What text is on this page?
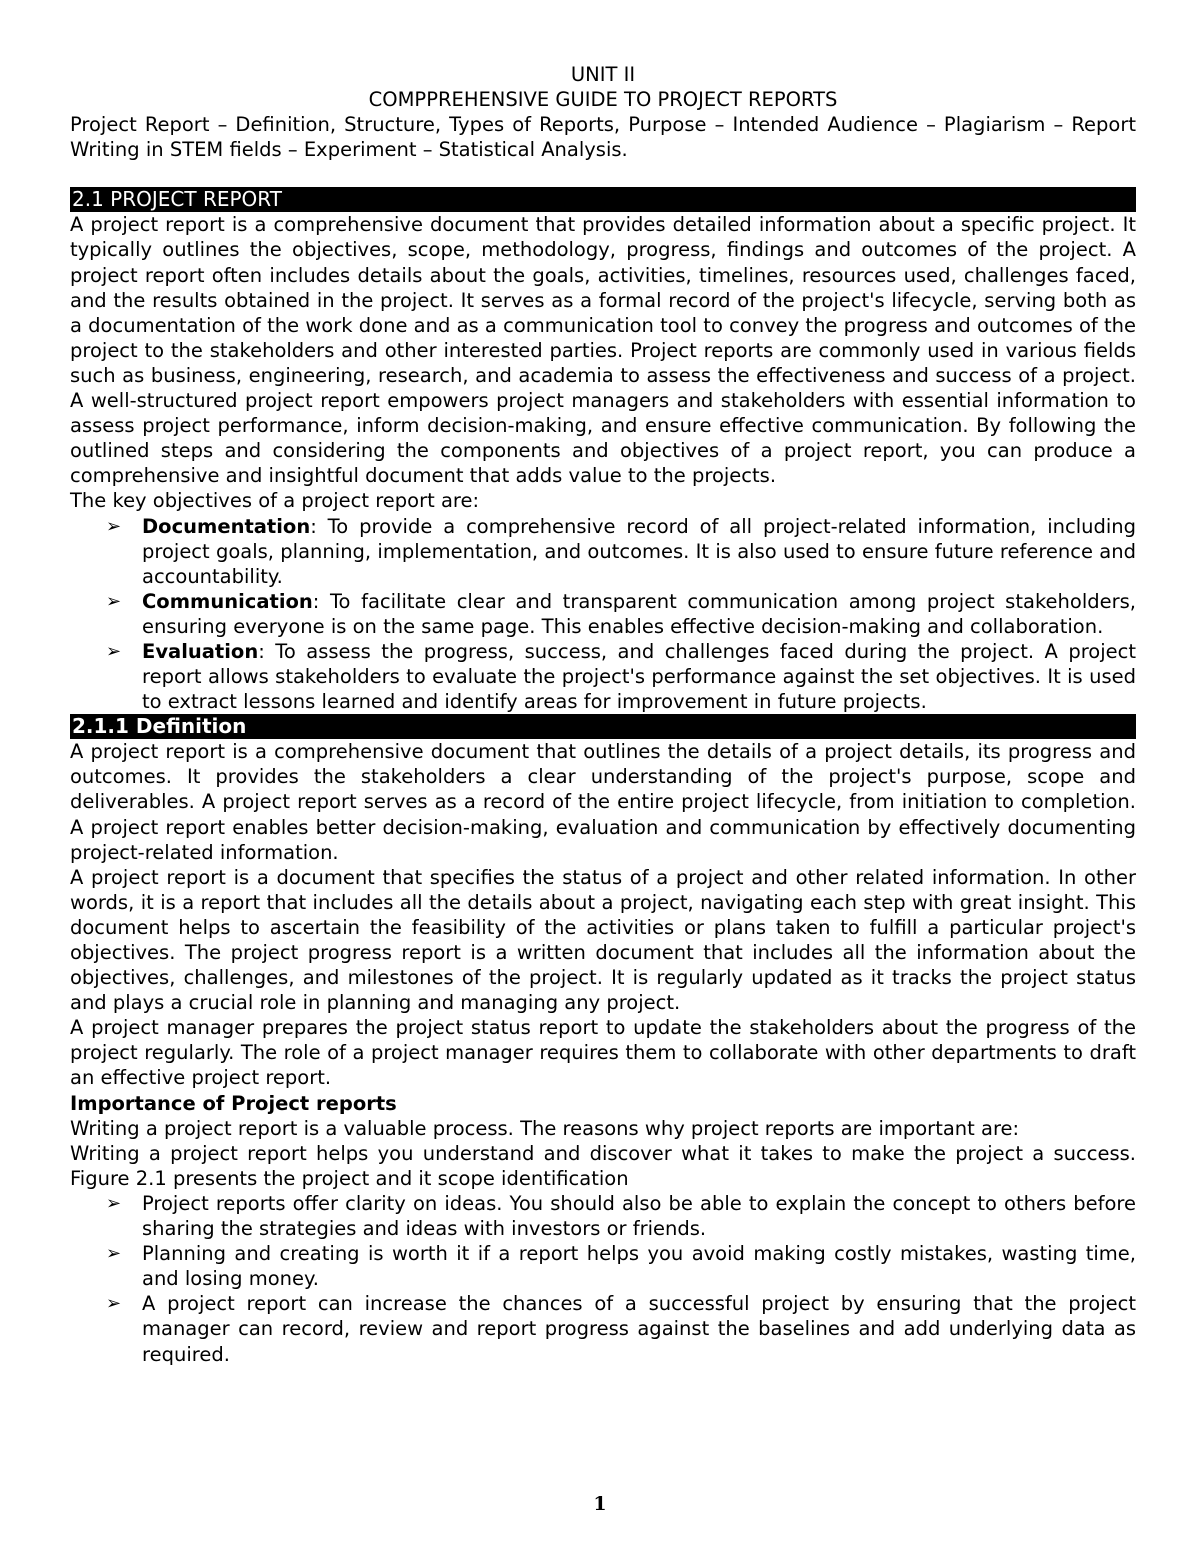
UNIT II
COMPPREHENSIVE GUIDE TO PROJECT REPORTS

Project Report – Definition, Structure, Types of Reports, Purpose – Intended Audience – Plagiarism – Report Writing in STEM fields – Experiment – Statistical Analysis.

2.1 PROJECT REPORT

A project report is a comprehensive document that provides detailed information about a specific project. It typically outlines the objectives, scope, methodology, progress, findings and outcomes of the project. A project report often includes details about the goals, activities, timelines, resources used, challenges faced, and the results obtained in the project. It serves as a formal record of the project's lifecycle, serving both as a documentation of the work done and as a communication tool to convey the progress and outcomes of the project to the stakeholders and other interested parties. Project reports are commonly used in various fields such as business, engineering, research, and academia to assess the effectiveness and success of a project. A well-structured project report empowers project managers and stakeholders with essential information to assess project performance, inform decision-making, and ensure effective communication. By following the outlined steps and considering the components and objectives of a project report, you can produce a comprehensive and insightful document that adds value to the projects.

The key objectives of a project report are:

➢ Documentation: To provide a comprehensive record of all project-related information, including project goals, planning, implementation, and outcomes. It is also used to ensure future reference and accountability.
➢ Communication: To facilitate clear and transparent communication among project stakeholders, ensuring everyone is on the same page. This enables effective decision-making and collaboration.
➢ Evaluation: To assess the progress, success, and challenges faced during the project. A project report allows stakeholders to evaluate the project's performance against the set objectives. It is used to extract lessons learned and identify areas for improvement in future projects.
2.1.1 Definition

A project report is a comprehensive document that outlines the details of a project details, its progress and outcomes. It provides the stakeholders a clear understanding of the project's purpose, scope and deliverables. A project report serves as a record of the entire project lifecycle, from initiation to completion. A project report enables better decision-making, evaluation and communication by effectively documenting project-related information.

A project report is a document that specifies the status of a project and other related information. In other words, it is a report that includes all the details about a project, navigating each step with great insight. This document helps to ascertain the feasibility of the activities or plans taken to fulfill a particular project's objectives. The project progress report is a written document that includes all the information about the objectives, challenges, and milestones of the project. It is regularly updated as it tracks the project status and plays a crucial role in planning and managing any project.

A project manager prepares the project status report to update the stakeholders about the progress of the project regularly. The role of a project manager requires them to collaborate with other departments to draft an effective project report.

Importance of Project reports

Writing a project report is a valuable process. The reasons why project reports are important are:

Writing a project report helps you understand and discover what it takes to make the project a success. Figure 2.1 presents the project and it scope identification

➢ Project reports offer clarity on ideas. You should also be able to explain the concept to others before sharing the strategies and ideas with investors or friends.
➢ Planning and creating is worth it if a report helps you avoid making costly mistakes, wasting time, and losing money.
➢ A project report can increase the chances of a successful project by ensuring that the project manager can record, review and report progress against the baselines and add underlying data as required.
1
